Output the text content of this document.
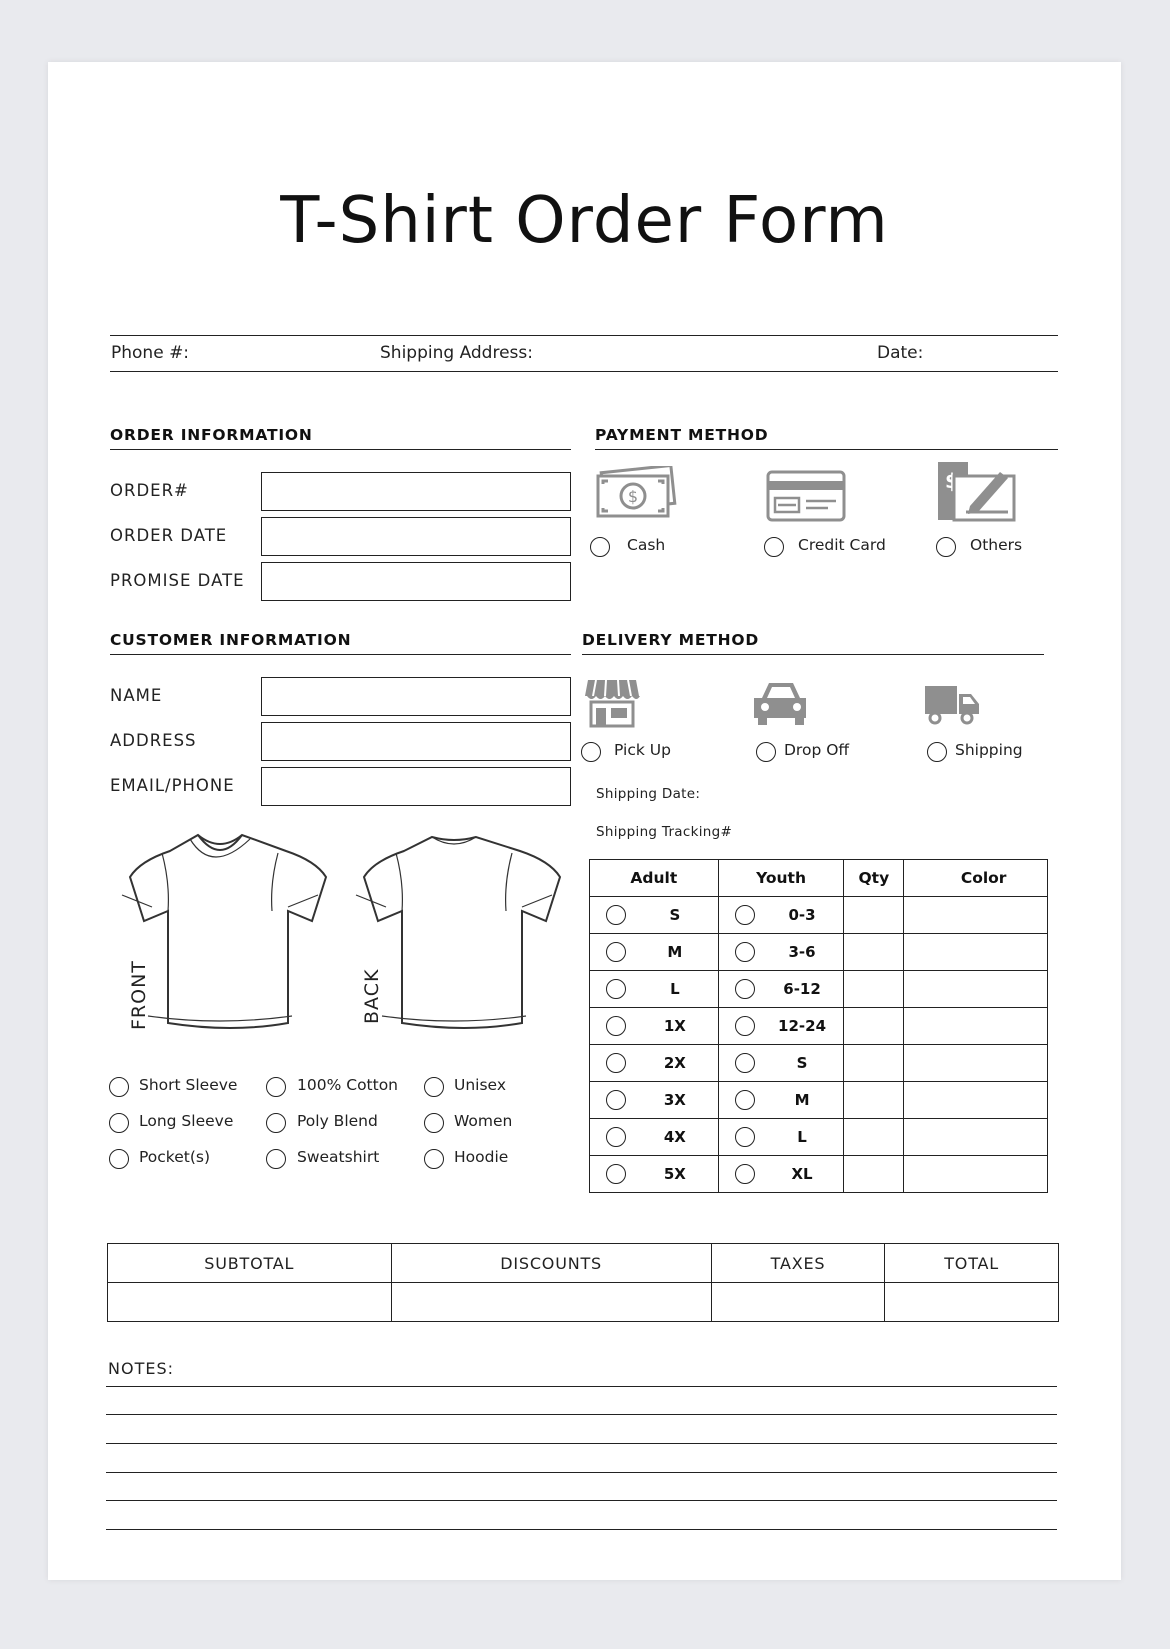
T-Shirt Order Form
Phone #:	Shipping Address:	Date:
ORDER INFORMATION
ORDER#
ORDER DATE
PROMISE DATE
PAYMENT METHOD
$
Cash	Credit Card
$
Others
CUSTOMER INFORMATION
NAME
ADDRESS
EMAIL/PHONE
DELIVERY METHOD
Pick Up	Drop Off	Shipping
Shipping Date:
Shipping Tracking#
FRONT	BACK
Short Sleeve
Long Sleeve
Pocket(s)
100% Cotton
Poly Blend
Sweatshirt
Unisex
Women
Hoodie
Adult	Youth	Qty	Color

S	0-3		

M	3-6		

L	6-12		

1X	12-24		

2X	S		

3X	M		

4X	L		

5X	XL		

SUBTOTAL	DISCOUNTS	TAXES	TOTAL

NOTES:
